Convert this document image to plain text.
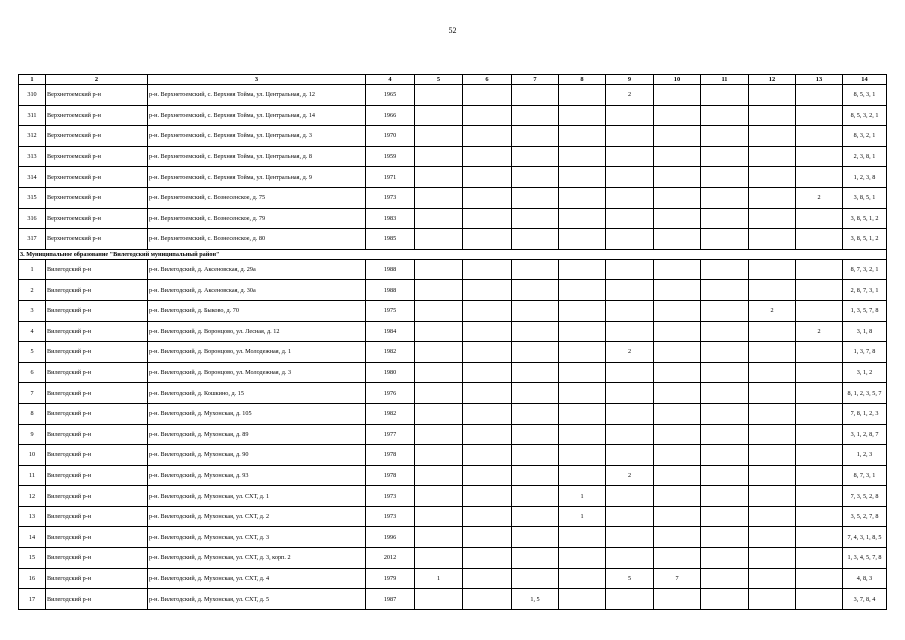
52
1	2	3	4	5	6	7	8	9	10	11	12	13	14
310	Верхнетоемский р-н	р-н. Верхнетоемский, с. Верхняя Тойма, ул. Центральная, д. 12	1965					2					8, 5, 3, 1
311	Верхнетоемский р-н	р-н. Верхнетоемский, с. Верхняя Тойма, ул. Центральная, д. 14	1966										8, 5, 3, 2, 1
312	Верхнетоемский р-н	р-н. Верхнетоемский, с. Верхняя Тойма, ул. Центральная, д. 3	1970										8, 3, 2, 1
313	Верхнетоемский р-н	р-н. Верхнетоемский, с. Верхняя Тойма, ул. Центральная, д. 8	1959										2, 3, 8, 1
314	Верхнетоемский р-н	р-н. Верхнетоемский, с. Верхняя Тойма, ул. Центральная, д. 9	1971										1, 2, 3, 8
315	Верхнетоемский р-н	р-н. Верхнетоемский, с. Вознесенское, д. 75	1973									2	3, 8, 5, 1
316	Верхнетоемский р-н	р-н. Верхнетоемский, с. Вознесенское, д. 79	1983										3, 8, 5, 1, 2
317	Верхнетоемский р-н	р-н. Верхнетоемский, с. Вознесенское, д. 80	1985										3, 8, 5, 1, 2
3. Муниципальное образование "Вилегодский муниципальный район"													
1	Вилегодский р-н	р-н. Вилегодский, д. Аксеновская, д. 29а	1988										8, 7, 3, 2, 1
2	Вилегодский р-н	р-н. Вилегодский, д. Аксеновская, д. 30а	1988										2, 8, 7, 3, 1
3	Вилегодский р-н	р-н. Вилегодский, д. Быково, д. 70	1975								2		1, 3, 5, 7, 8
4	Вилегодский р-н	р-н. Вилегодский, д. Воронцово, ул. Лесная, д. 12	1984									2	3, 1, 8
5	Вилегодский р-н	р-н. Вилегодский, д. Воронцово, ул. Молодежная, д. 1	1982					2					1, 3, 7, 8
6	Вилегодский р-н	р-н. Вилегодский, д. Воронцово, ул. Молодежная, д. 3	1980										3, 1, 2
7	Вилегодский р-н	р-н. Вилегодский, д. Кошкино, д. 15	1976										8, 1, 2, 3, 5, 7
8	Вилегодский р-н	р-н. Вилегодский, д. Мухонская, д. 105	1982										7, 8, 1, 2, 3
9	Вилегодский р-н	р-н. Вилегодский, д. Мухонская, д. 89	1977										3, 1, 2, 8, 7
10	Вилегодский р-н	р-н. Вилегодский, д. Мухонская, д. 90	1978										1, 2, 3
11	Вилегодский р-н	р-н. Вилегодский, д. Мухонская, д. 93	1978					2					8, 7, 3, 1
12	Вилегодский р-н	р-н. Вилегодский, д. Мухонская, ул. СХТ, д. 1	1973				1						7, 3, 5, 2, 8
13	Вилегодский р-н	р-н. Вилегодский, д. Мухонская, ул. СХТ, д. 2	1973				1						3, 5, 2, 7, 8
14	Вилегодский р-н	р-н. Вилегодский, д. Мухонская, ул. СХТ, д. 3	1996										7, 4, 3, 1, 8, 5
15	Вилегодский р-н	р-н. Вилегодский, д. Мухонская, ул. СХТ, д. 3, корп. 2	2012										1, 3, 4, 5, 7, 8
16	Вилегодский р-н	р-н. Вилегодский, д. Мухонская, ул. СХТ, д. 4	1979	1				5	7				4, 8, 3
17	Вилегодский р-н	р-н. Вилегодский, д. Мухонская, ул. СХТ, д. 5	1987			1, 5							3, 7, 8, 4
